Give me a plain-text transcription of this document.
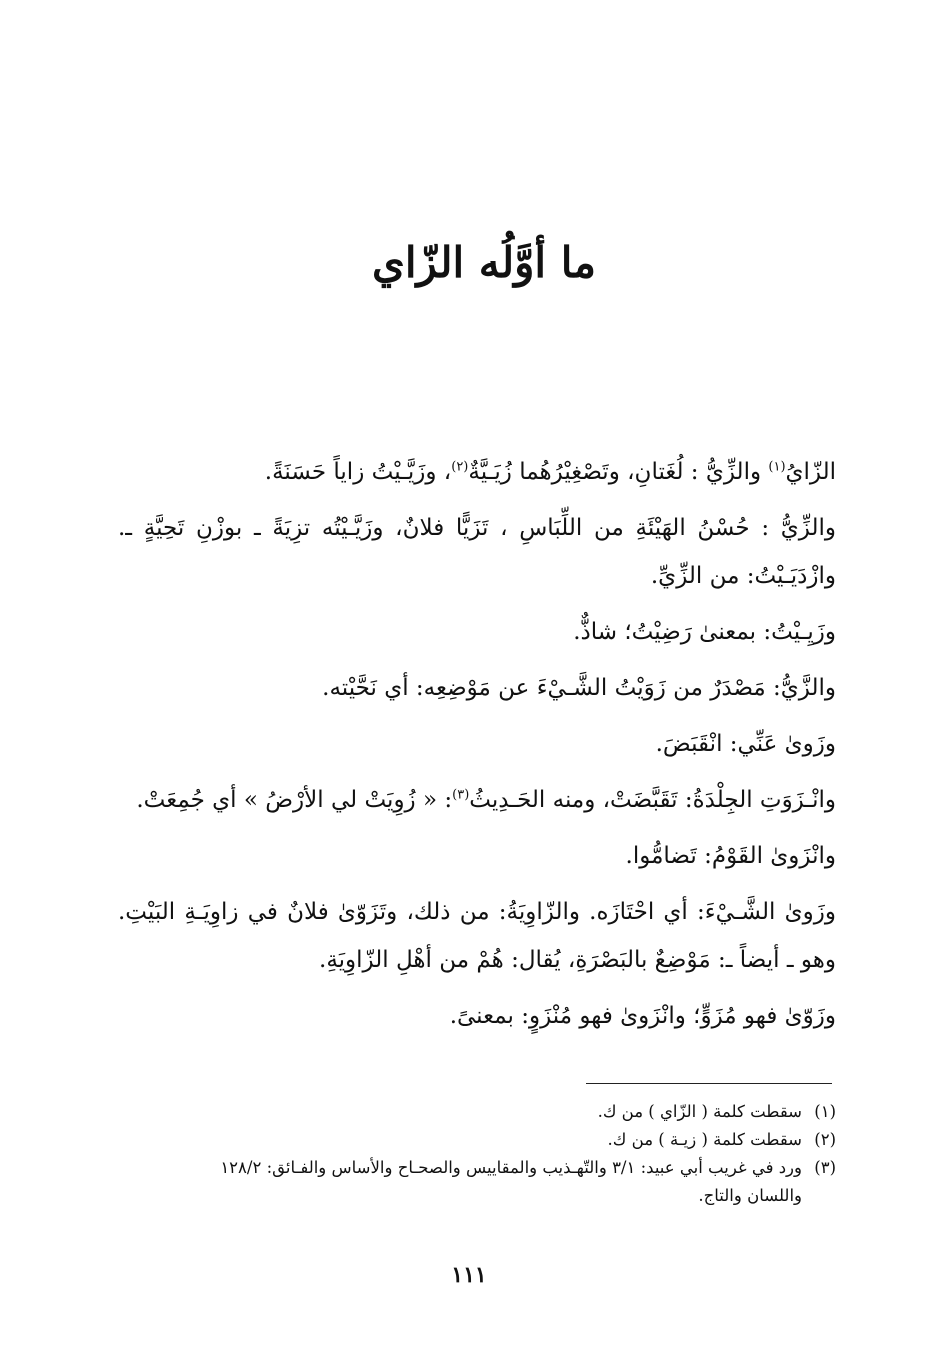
ما أوَّلُه الزّاي

الزّايُ$^{(١)}$ والزِّيُّ : لُغَتانِ، وتَصْغِيْرُهُما زُيَـيَّةٌ$^{(٢)}$، وزَيَّـيْتُ زاياً حَسَنَةً.

والزِّيُّ : حُسْنُ الهَيْئَةِ من اللِّبَاسِ ، تَزَيًّا فلانٌ، وزَيَّـيْتُه تزِيَةً ـ بوزْنِ تَحِيَّةٍ ـ. وازْدَيَـيْتُ: من الزِّيِّ.

وزَيِـيْتُ: بمعنىٰ رَضِيْتُ؛ شاذٌّ.

والزَّيُّ: مَصْدَرٌ من زَوَيْتُ الشَّـيْءَ عن مَوْضِعِه: أي نَحَّيْته.

وزَوىٰ عَنِّي: انْقَبَضَ.

وانْـزَوَتِ الجِلْدَةُ: تَقَبَّضَتْ، ومنه الحَـدِيثُ$^{(٣)}$: « زُوِيَتْ لي الأرْضُ » أي جُمِعَتْ.

وانْزَوىٰ القَوْمُ: تَضامُّوا.

وزَوىٰ الشَّـيْءَ: أي احْتَازَه. والزّاوِيَةُ: من ذلك، وتَزَوّىٰ فلانٌ في زاوِيَـةِ البَيْتِ. وهو ـ أيضاً ـ: مَوْضِعٌ بالبَصْرَةِ، يُقال: هُمْ من أهْلِ الزّاوِيَةِ.

وزَوّىٰ فهو مُزَوٍّ؛ وانْزَوىٰ فهو مُنْزَوٍ: بمعنىً.

(١)سقطت كلمة ( الزّاي ) من ك.

(٢)سقطت كلمة ( زيـة ) من ك.

(٣)ورد في غريب أبي عبيد: ٣/١ والتّهـذيب والمقاييس والصحـاح والأساس والفـائق: ١٢٨/٢

واللسان والتاج.

١١١
